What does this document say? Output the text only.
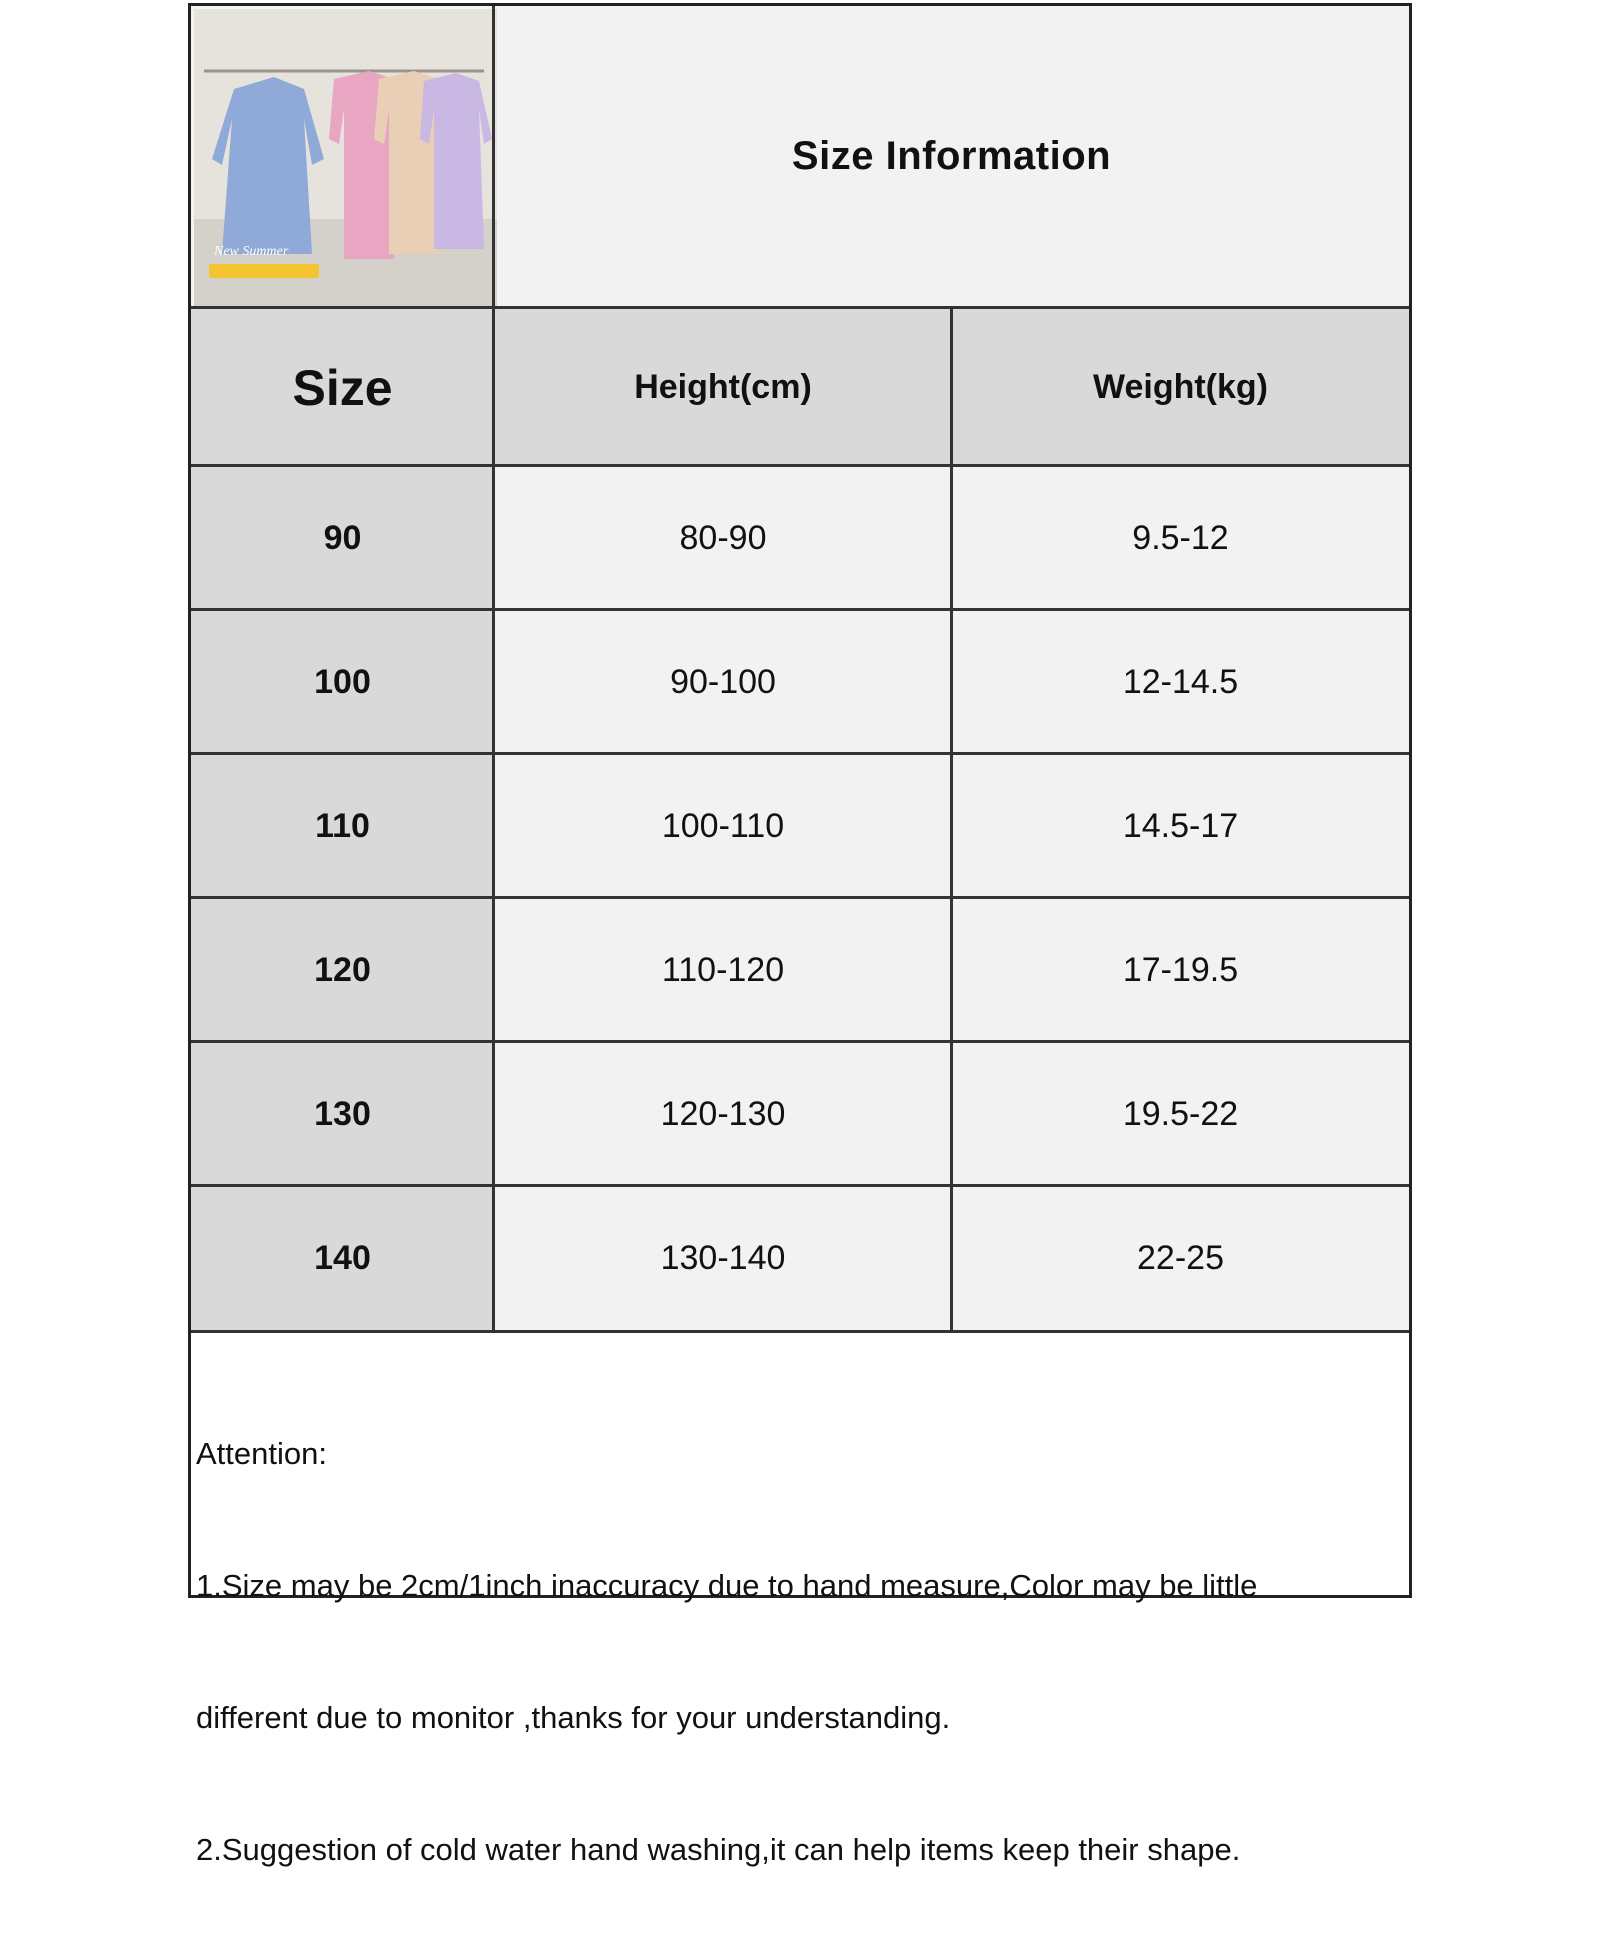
New Summer
Size Information
Size	Height(cm)	Weight(kg)
90	80-90	9.5-12
100	90-100	12-14.5
110	100-110	14.5-17
120	110-120	17-19.5
130	120-130	19.5-22
140	130-140	22-25

Attention:

1.Size may be 2cm/1inch inaccuracy due to hand measure,Color may be little

different due to monitor ,thanks for your understanding.

2.Suggestion of cold water hand washing,it can help items keep their shape.
